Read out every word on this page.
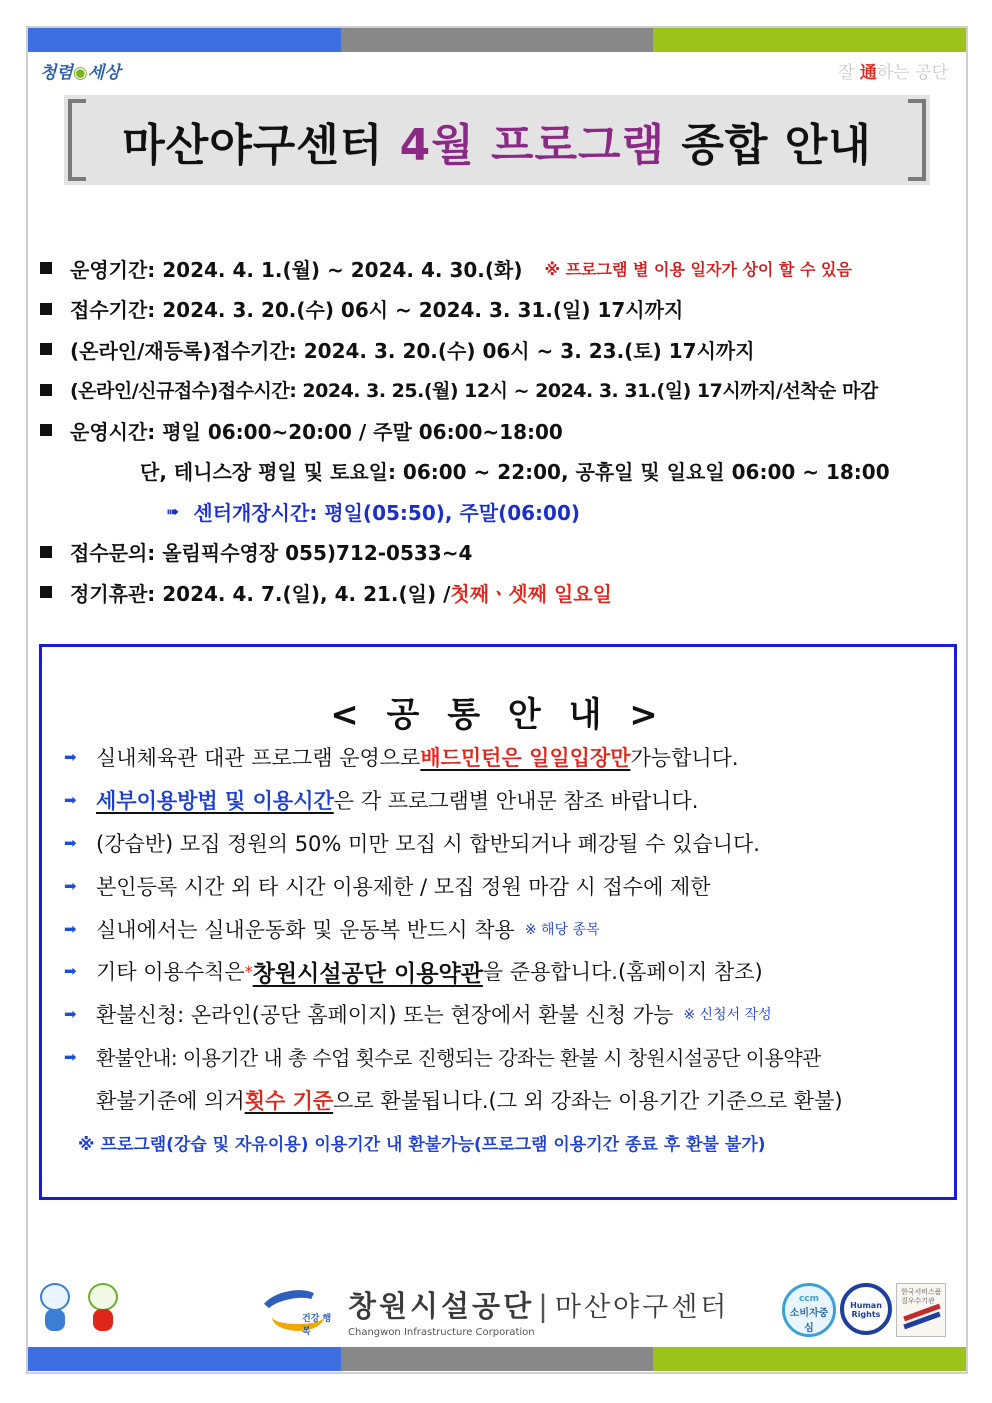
청렴◉세상	잘 通하는 공단
마산야구센터 4월 프로그램 종합 안내
운영기간: 2024. 4. 1.(월) ~ 2024. 4. 30.(화) ※ 프로그램 별 이용 일자가 상이 할 수 있음
접수기간: 2024. 3. 20.(수) 06시 ~ 2024. 3. 31.(일) 17시까지
(온라인/재등록)접수기간: 2024. 3. 20.(수) 06시 ~ 3. 23.(토) 17시까지
(온라인/신규접수)접수시간: 2024. 3. 25.(월) 12시 ~ 2024. 3. 31.(일) 17시까지/선착순 마감
운영시간: 평일 06:00~20:00 / 주말 06:00~18:00
단, 테니스장 평일 및 토요일: 06:00 ~ 22:00, 공휴일 및 일요일 06:00 ~ 18:00
➠ 센터개장시간: 평일(05:50), 주말(06:00)
접수문의: 올림픽수영장 055)712-0533~4
정기휴관: 2024. 4. 7.(일), 4. 21.(일) / 첫째ㆍ셋째 일요일
< 공 통 안 내 >
➡ 실내체육관 대관 프로그램 운영으로 배드민턴은 일일입장만 가능합니다.
➡ 세부이용방법 및 이용시간 은 각 프로그램별 안내문 참조 바랍니다.
➡ (강습반) 모집 정원의 50% 미만 모집 시 합반되거나 폐강될 수 있습니다.
➡ 본인등록 시간 외 타 시간 이용제한 / 모집 정원 마감 시 접수에 제한
➡ 실내에서는 실내운동화 및 운동복 반드시 착용 ※ 해당 종목
➡ 기타 이용수칙은 * 창원시설공단 이용약관 을 준용합니다.(홈페이지 참조)
➡ 환불신청: 온라인(공단 홈페이지) 또는 현장에서 환불 신청 가능 ※ 신청서 작성
➡ 환불안내: 이용기간 내 총 수업 횟수로 진행되는 강좌는 환불 시 창원시설공단 이용약관
환불기준에 의거 횟수 기준 으로 환불됩니다.(그 외 강좌는 이용기간 기준으로 환불)
※ 프로그램(강습 및 자유이용) 이용기간 내 환불가능(프로그램 이용기간 종료 후 환불 불가)
건강 행복
창원시설공단 | 마산야구센터
Changwon Infrastructure Corporation
ccm
소비자중심
Human Rights
한국서비스품질우수기관
